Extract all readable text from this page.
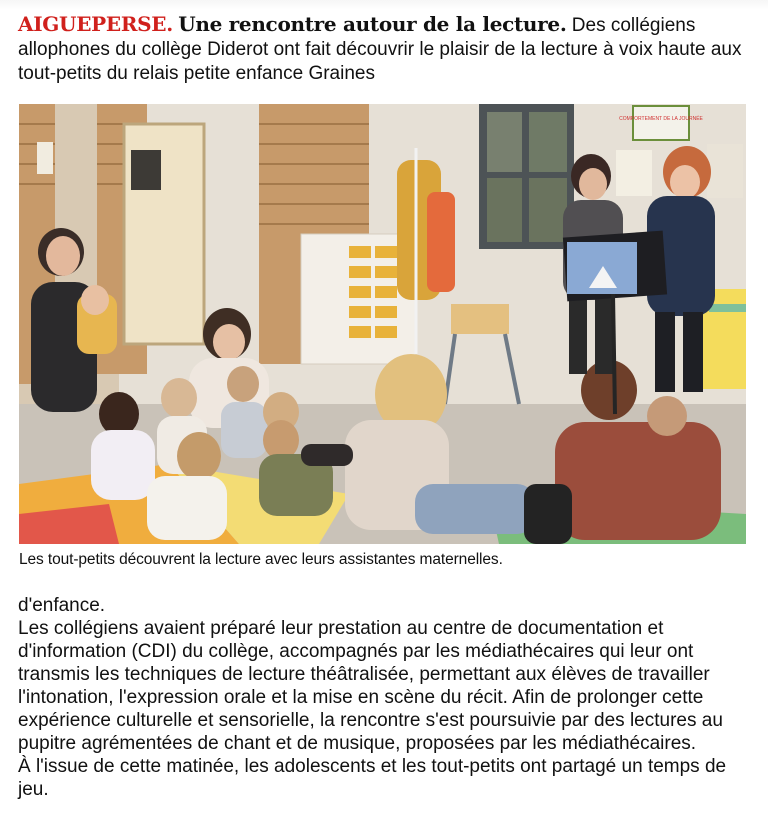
AIGUEPERSE. Une rencontre autour de la lecture. Des collégiens allophones du collège Diderot ont fait découvrir le plaisir de la lecture à voix haute aux tout-petits du relais petite enfance Graines
COMPORTEMENT DE LA JOURNÉE
Les tout-petits découvrent la lecture avec leurs assistantes maternelles.

d'enfance.

Les collégiens avaient préparé leur prestation au centre de documentation et d'information (CDI) du collège, accompagnés par les médiathécaires qui leur ont transmis les techniques de lecture théâtralisée, permettant aux élèves de travailler l'intonation, l'expression orale et la mise en scène du récit. Afin de prolonger cette expérience culturelle et sensorielle, la rencontre s'est poursuivie par des lectures au pupitre agrémentées de chant et de musique, proposées par les médiathécaires.

À l'issue de cette matinée, les adolescents et les tout-petits ont partagé un temps de jeu.
